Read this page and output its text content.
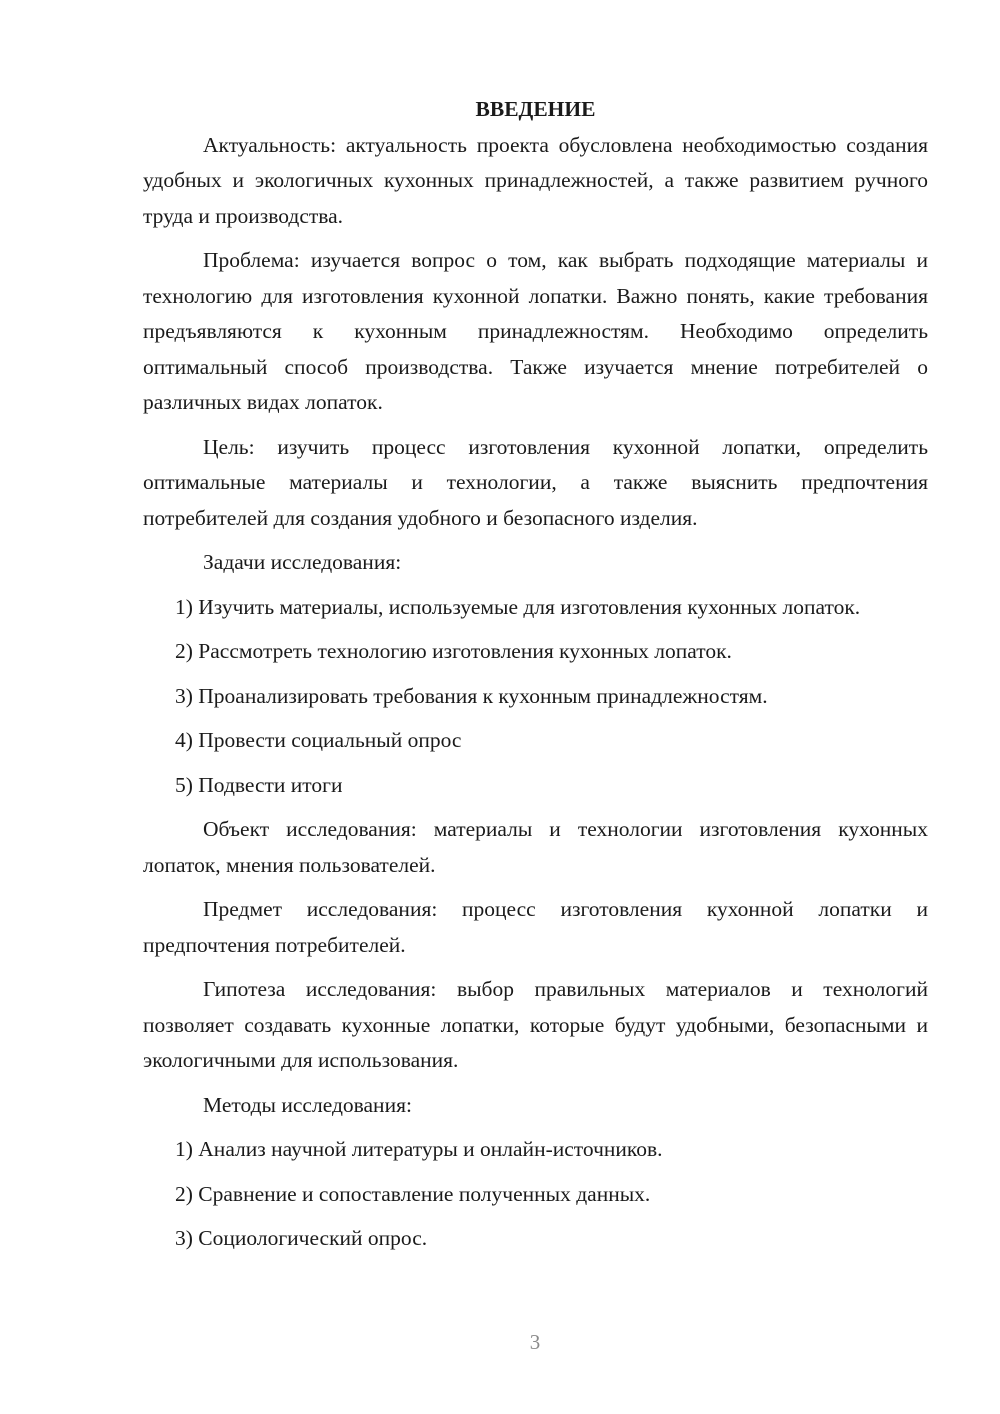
ВВЕДЕНИЕ

Актуальность: актуальность проекта обусловлена необходимостью создания удобных и экологичных кухонных принадлежностей, а также развитием ручного труда и производства.

Проблема: изучается вопрос о том, как выбрать подходящие материалы и технологию для изготовления кухонной лопатки. Важно понять, какие требования предъявляются к кухонным принадлежностям. Необходимо определить оптимальный способ производства. Также изучается мнение потребителей о различных видах лопаток.

Цель: изучить процесс изготовления кухонной лопатки, определить оптимальные материалы и технологии, а также выяснить предпочтения потребителей для создания удобного и безопасного изделия.

Задачи исследования:

1) Изучить материалы, используемые для изготовления кухонных лопаток.

2) Рассмотреть технологию изготовления кухонных лопаток.

3) Проанализировать требования к кухонным принадлежностям.

4) Провести социальный опрос

5) Подвести итоги

Объект исследования: материалы и технологии изготовления кухонных лопаток, мнения пользователей.

Предмет исследования: процесс изготовления кухонной лопатки и предпочтения потребителей.

Гипотеза исследования: выбор правильных материалов и технологий позволяет создавать кухонные лопатки, которые будут удобными, безопасными и экологичными для использования.

Методы исследования:

1) Анализ научной литературы и онлайн-источников.

2) Сравнение и сопоставление полученных данных.

3) Социологический опрос.

3
